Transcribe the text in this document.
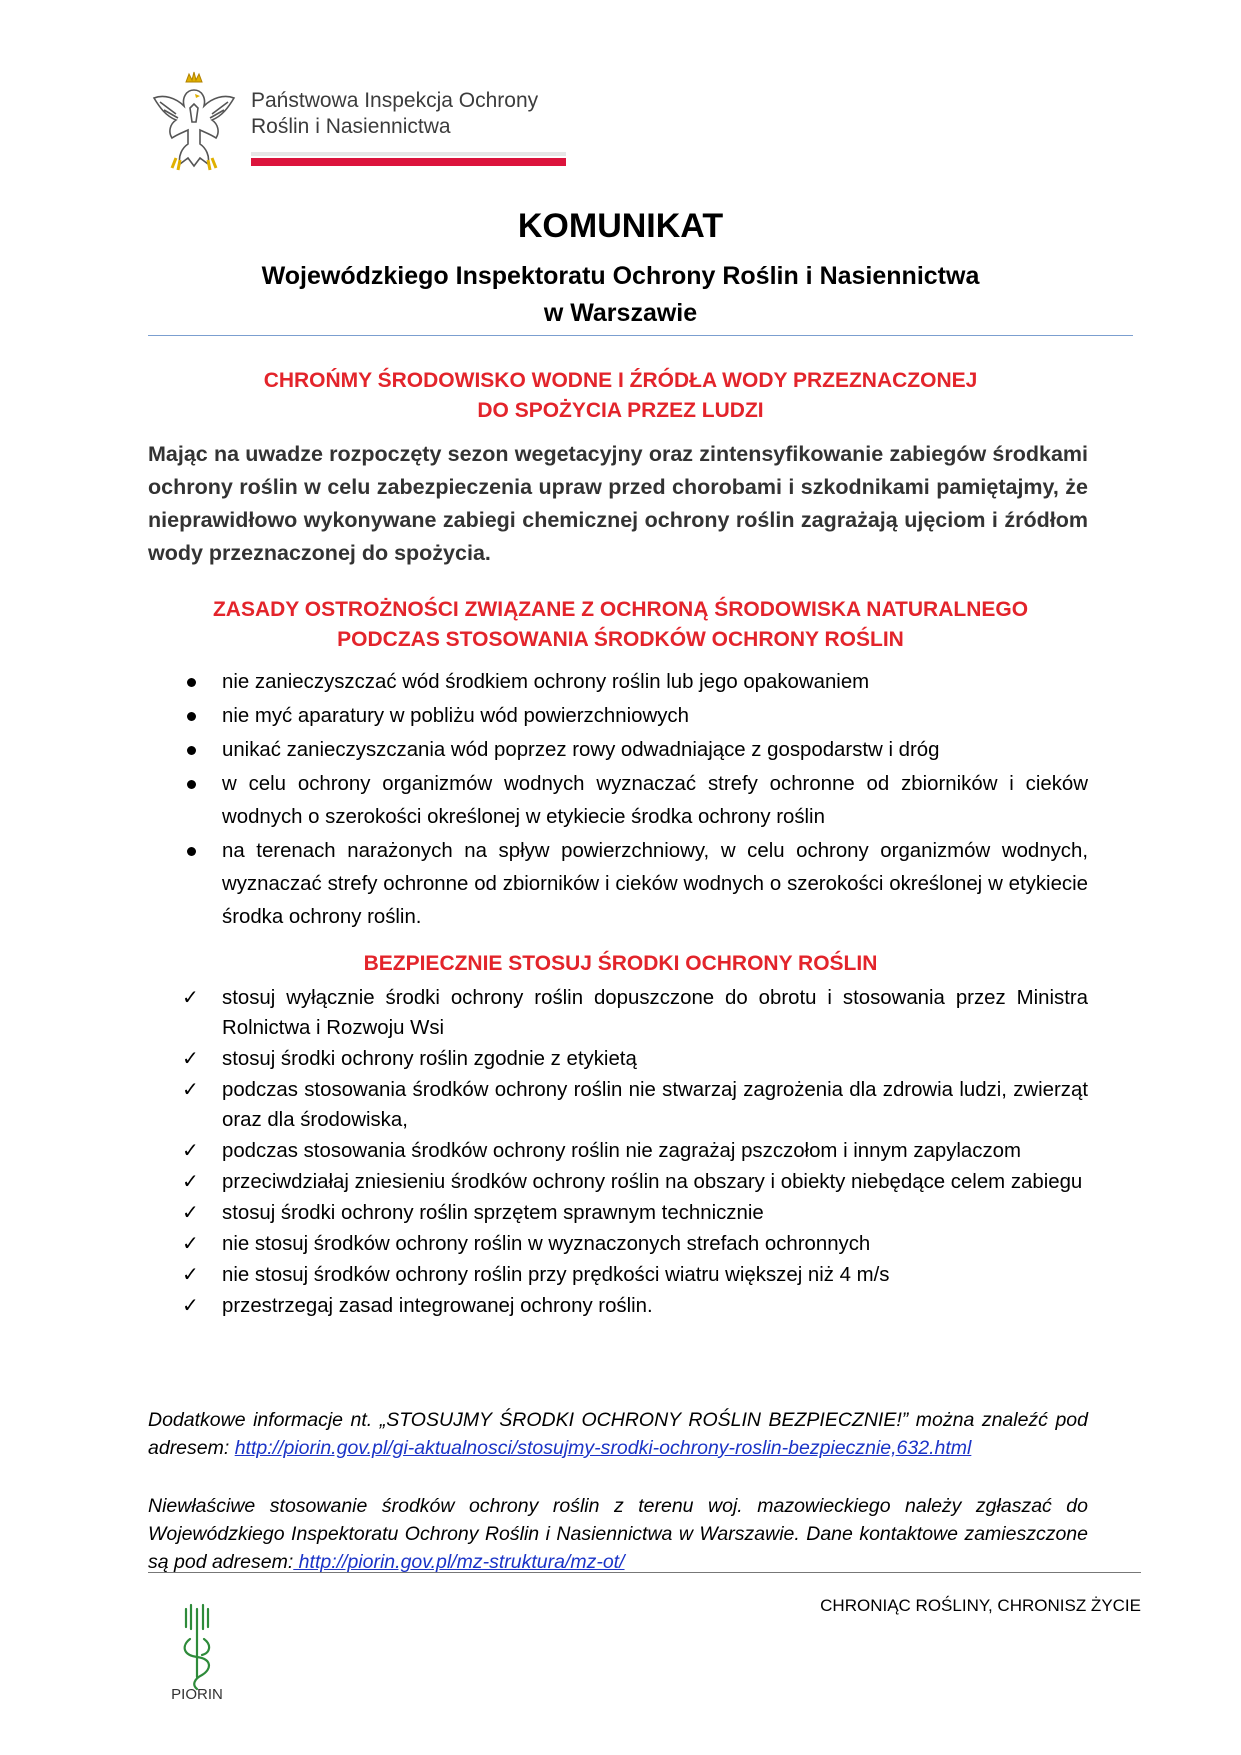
Państwowa Inspekcja Ochrony
Roślin i Nasiennictwa
KOMUNIKAT
Wojewódzkiego Inspektoratu Ochrony Roślin i Nasiennictwa
w Warszawie
CHROŃMY ŚRODOWISKO WODNE I ŹRÓDŁA WODY PRZEZNACZONEJ
DO SPOŻYCIA PRZEZ LUDZI
Mając na uwadze rozpoczęty sezon wegetacyjny oraz zintensyfikowanie zabiegów środkami ochrony roślin w celu zabezpieczenia upraw przed chorobami i szkodnikami pamiętajmy, że nieprawidłowo wykonywane zabiegi chemicznej ochrony roślin zagrażają ujęciom i źródłom wody przeznaczonej do spożycia.
ZASADY OSTROŻNOŚCI ZWIĄZANE Z OCHRONĄ ŚRODOWISKA NATURALNEGO
PODCZAS STOSOWANIA ŚRODKÓW OCHRONY ROŚLIN
nie zanieczyszczać wód środkiem ochrony roślin lub jego opakowaniem
nie myć aparatury w pobliżu wód powierzchniowych
unikać zanieczyszczania wód poprzez rowy odwadniające z gospodarstw i dróg
w celu ochrony organizmów wodnych wyznaczać strefy ochronne od zbiorników i cieków wodnych o szerokości określonej w etykiecie środka ochrony roślin
na terenach narażonych na spływ powierzchniowy, w celu ochrony organizmów wodnych, wyznaczać strefy ochronne od zbiorników i cieków wodnych o szerokości określonej w etykiecie środka ochrony roślin.
BEZPIECZNIE STOSUJ ŚRODKI OCHRONY ROŚLIN
✓ stosuj wyłącznie środki ochrony roślin dopuszczone do obrotu i stosowania przez Ministra Rolnictwa i Rozwoju Wsi
✓ stosuj środki ochrony roślin zgodnie z etykietą
✓ podczas stosowania środków ochrony roślin nie stwarzaj zagrożenia dla zdrowia ludzi, zwierząt oraz dla środowiska,
✓ podczas stosowania środków ochrony roślin nie zagrażaj pszczołom i innym zapylaczom
✓ przeciwdziałaj zniesieniu środków ochrony roślin na obszary i obiekty niebędące celem zabiegu
✓ stosuj środki ochrony roślin sprzętem sprawnym technicznie
✓ nie stosuj środków ochrony roślin w wyznaczonych strefach ochronnych
✓ nie stosuj środków ochrony roślin przy prędkości wiatru większej niż 4 m/s
✓ przestrzegaj zasad integrowanej ochrony roślin.
Dodatkowe informacje nt. „STOSUJMY ŚRODKI OCHRONY ROŚLIN BEZPIECZNIE!” można znaleźć pod adresem: http://piorin.gov.pl/gi-aktualnosci/stosujmy-srodki-ochrony-roslin-bezpiecznie,632.html
Niewłaściwe stosowanie środków ochrony roślin z terenu woj. mazowieckiego należy zgłaszać do Wojewódzkiego Inspektoratu Ochrony Roślin i Nasiennictwa w Warszawie. Dane kontaktowe zamieszczone są pod adresem: http://piorin.gov.pl/mz-struktura/mz-ot/
PIORIN
CHRONIĄC ROŚLINY, CHRONISZ ŻYCIE
